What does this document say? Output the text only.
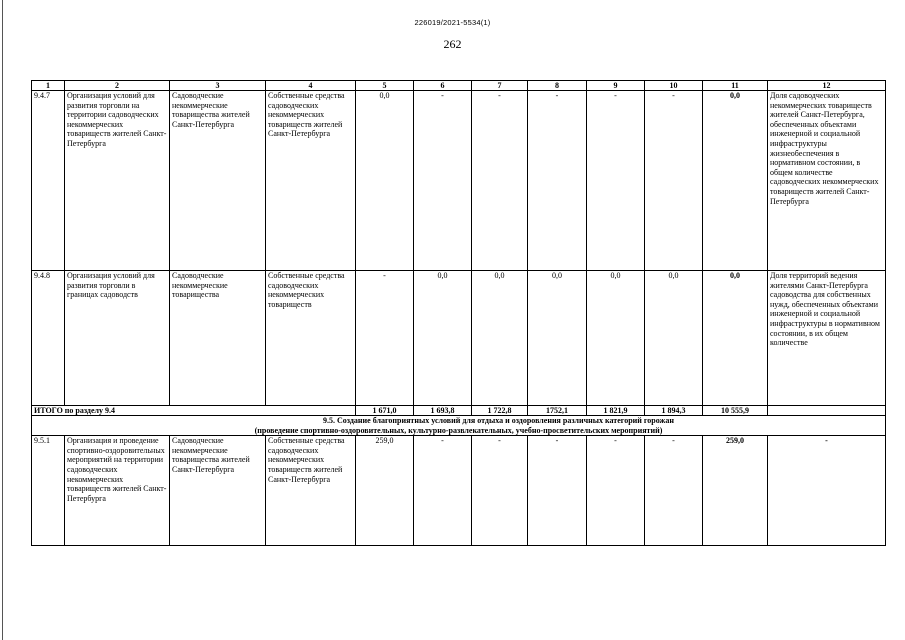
226019/2021-5534(1)
262
1	2	3	4	5	6	7	8	9	10	11	12
9.4.7	Организация условий для развития торговли на территории садоводческих некоммерческих товариществ жителей Санкт-Петербурга	Садоводческие некоммерческие товарищества жителей Санкт-Петербурга	Собственные средства садоводческих некоммерческих товариществ жителей Санкт-Петербурга	0,0	-	-	-	-	-	0,0	Доля садоводческих некоммерческих товариществ жителей Санкт-Петербурга, обеспеченных объектами инженерной и социальной инфраструктуры жизнеобеспечения в нормативном состоянии, в общем количестве садоводческих некоммерческих товариществ жителей Санкт-Петербурга
9.4.8	Организация условий для развития торговли в границах садоводств	Садоводческие некоммерческие товарищества	Собственные средства садоводческих некоммерческих товариществ	-	0,0	0,0	0,0	0,0	0,0	0,0	Доля территорий ведения жителями Санкт-Петербурга садоводства для собственных нужд, обеспеченных объектами инженерной и социальной инфраструктуры в нормативном состоянии, в их общем количестве
ИТОГО по разделу 9.4				1 671,0	1 693,8	1 722,8	1752,1	1 821,9	1 894,3	10 555,9	

9.5. Создание благоприятных условий для отдыха и оздоровления различных категорий горожан
(проведение спортивно-оздоровительных, культурно-развлекательных, учебно-просветительских мероприятий)											
9.5.1	Организация и проведение спортивно-оздоровительных мероприятий на территории садоводческих некоммерческих товариществ жителей Санкт-Петербурга	Садоводческие некоммерческие товарищества жителей Санкт-Петербурга	Собственные средства садоводческих некоммерческих товариществ жителей Санкт-Петербурга	259,0	-	-	-	-	-	259,0	-
